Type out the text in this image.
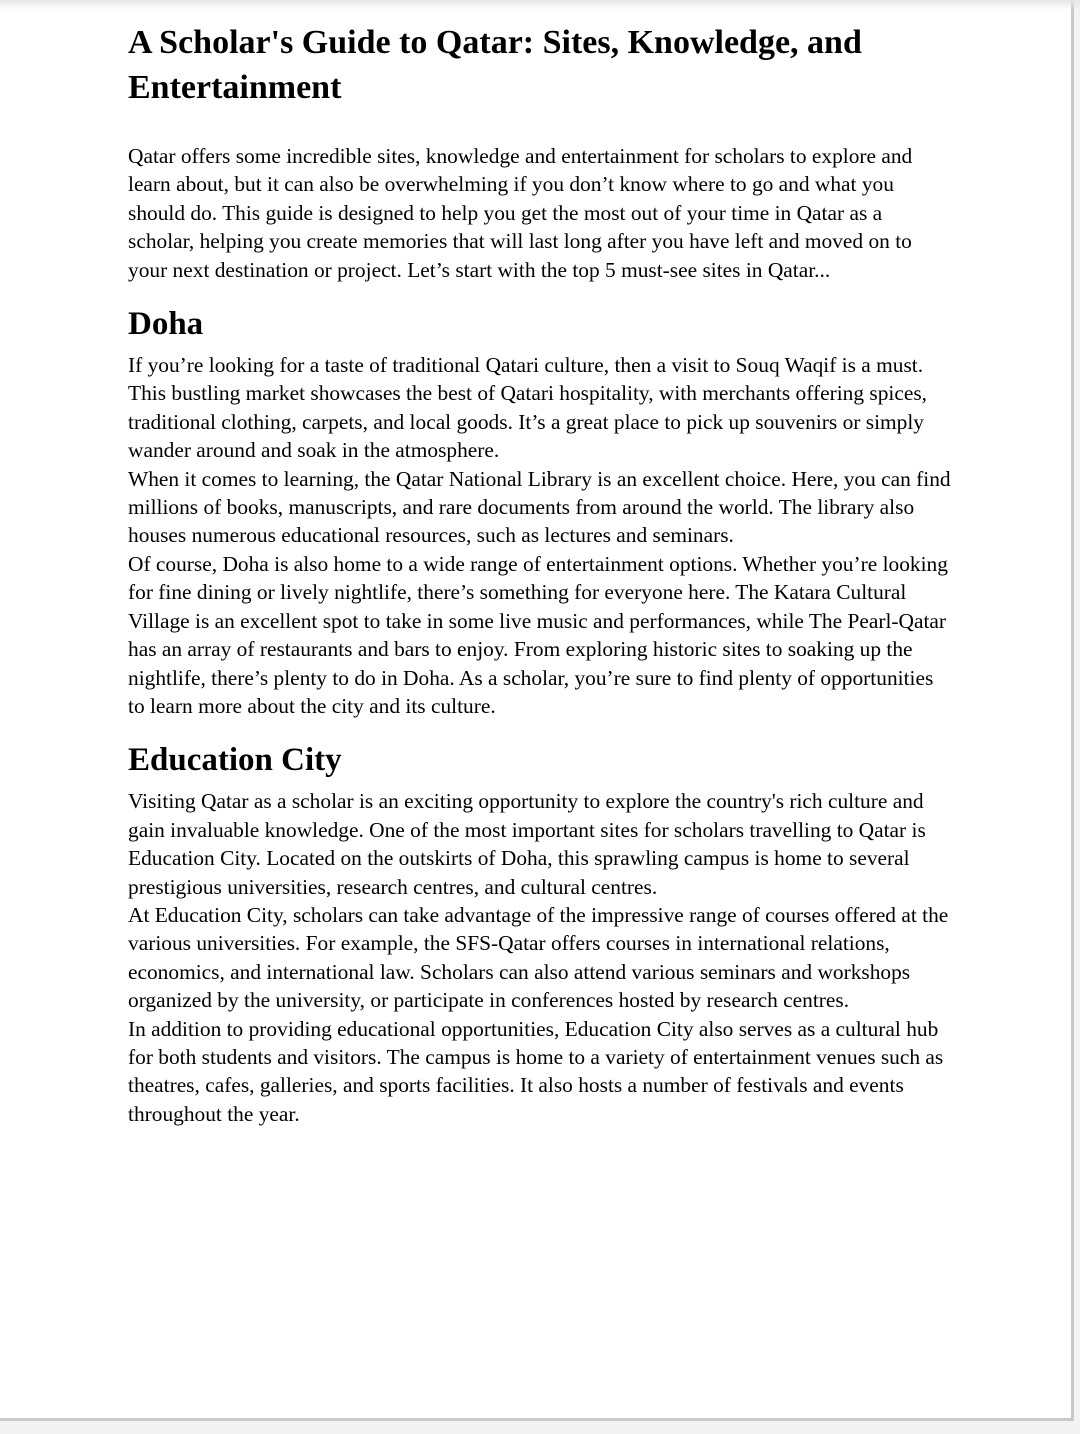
A Scholar's Guide to Qatar: Sites, Knowledge, and Entertainment

Qatar offers some incredible sites, knowledge and entertainment for scholars to explore and learn about, but it can also be overwhelming if you don’t know where to go and what you should do. This guide is designed to help you get the most out of your time in Qatar as a scholar, helping you create memories that will last long after you have left and moved on to your next destination or project. Let’s start with the top 5 must-see sites in Qatar...

Doha

If you’re looking for a taste of traditional Qatari culture, then a visit to Souq Waqif is a must. This bustling market showcases the best of Qatari hospitality, with merchants offering spices, traditional clothing, carpets, and local goods. It’s a great place to pick up souvenirs or simply wander around and soak in the atmosphere.

When it comes to learning, the Qatar National Library is an excellent choice. Here, you can find millions of books, manuscripts, and rare documents from around the world. The library also houses numerous educational resources, such as lectures and seminars.

Of course, Doha is also home to a wide range of entertainment options. Whether you’re looking for fine dining or lively nightlife, there’s something for everyone here. The Katara Cultural Village is an excellent spot to take in some live music and performances, while The Pearl-Qatar has an array of restaurants and bars to enjoy. From exploring historic sites to soaking up the nightlife, there’s plenty to do in Doha. As a scholar, you’re sure to find plenty of opportunities to learn more about the city and its culture.

Education City

Visiting Qatar as a scholar is an exciting opportunity to explore the country's rich culture and gain invaluable knowledge. One of the most important sites for scholars travelling to Qatar is Education City. Located on the outskirts of Doha, this sprawling campus is home to several prestigious universities, research centres, and cultural centres.

At Education City, scholars can take advantage of the impressive range of courses offered at the various universities. For example, the SFS-Qatar offers courses in international relations, economics, and international law. Scholars can also attend various seminars and workshops organized by the university, or participate in conferences hosted by research centres.

In addition to providing educational opportunities, Education City also serves as a cultural hub for both students and visitors. The campus is home to a variety of entertainment venues such as theatres, cafes, galleries, and sports facilities. It also hosts a number of festivals and events throughout the year.
